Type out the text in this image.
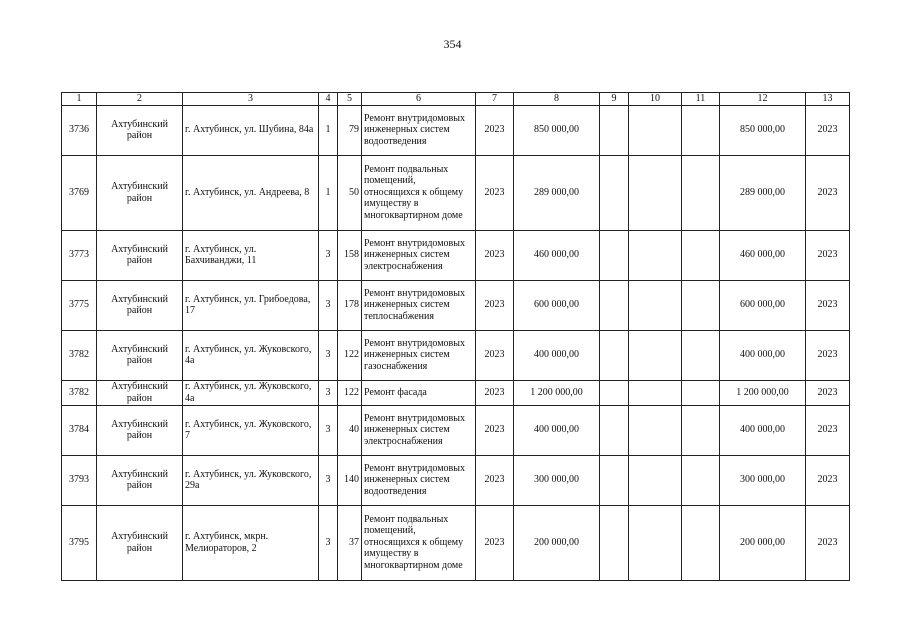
354
1	2	3	4	5	6	7	8	9	10	11	12	13
3736	Ахтубинский район	г. Ахтубинск, ул. Шубина, 84а	1	79	Ремонт внутридомовых инженерных систем водоотведения	2023	850 000,00				850 000,00	2023
3769	Ахтубинский район	г. Ахтубинск, ул. Андреева, 8	1	50	Ремонт подвальных помещений, относящихся к общему имуществу в многоквартирном доме	2023	289 000,00				289 000,00	2023
3773	Ахтубинский район	г. Ахтубинск, ул. Бахчиванджи, 11	3	158	Ремонт внутридомовых инженерных систем электроснабжения	2023	460 000,00				460 000,00	2023
3775	Ахтубинский район	г. Ахтубинск, ул. Грибоедова, 17	3	178	Ремонт внутридомовых инженерных систем теплоснабжения	2023	600 000,00				600 000,00	2023
3782	Ахтубинский район	г. Ахтубинск, ул. Жуковского, 4а	3	122	Ремонт внутридомовых инженерных систем газоснабжения	2023	400 000,00				400 000,00	2023
3782	Ахтубинский район	г. Ахтубинск, ул. Жуковского, 4а	3	122	Ремонт фасада	2023	1 200 000,00				1 200 000,00	2023
3784	Ахтубинский район	г. Ахтубинск, ул. Жуковского, 7	3	40	Ремонт внутридомовых инженерных систем электроснабжения	2023	400 000,00				400 000,00	2023
3793	Ахтубинский район	г. Ахтубинск, ул. Жуковского, 29а	3	140	Ремонт внутридомовых инженерных систем водоотведения	2023	300 000,00				300 000,00	2023
3795	Ахтубинский район	г. Ахтубинск, мкрн. Мелиораторов, 2	3	37	Ремонт подвальных помещений, относящихся к общему имуществу в многоквартирном доме	2023	200 000,00				200 000,00	2023
